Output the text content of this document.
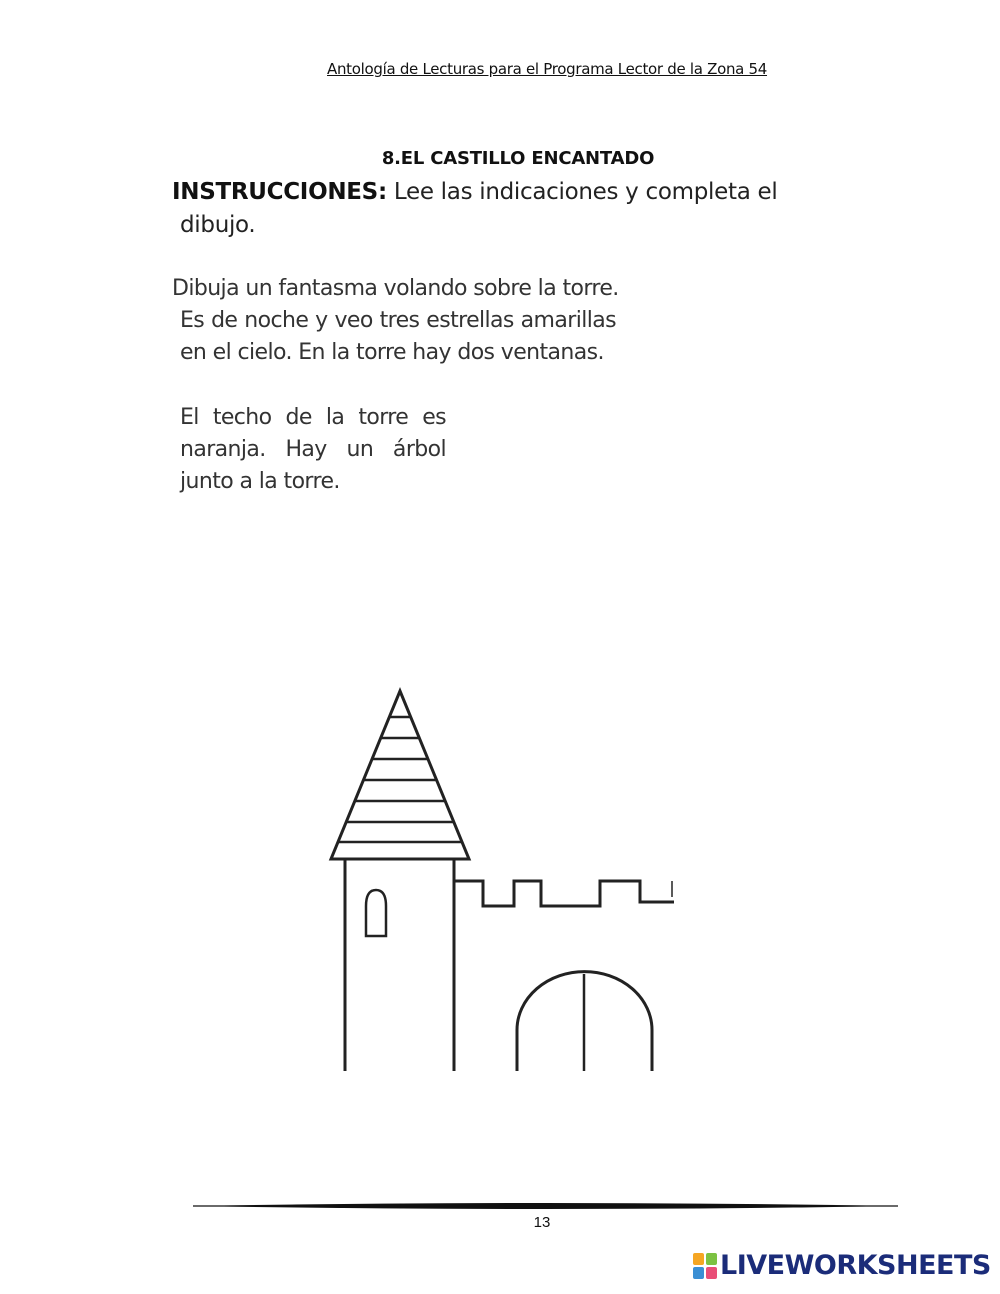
Antología de Lecturas para el Programa Lector de la Zona 54
8.EL CASTILLO ENCANTADO
INSTRUCCIONES: Lee las indicaciones y completa el
dibujo.
Dibuja un fantasma volando sobre la torre.
Es de noche y veo tres estrellas amarillas en el cielo. En la torre hay dos ventanas.
El techo de la torre es naranja. Hay un árbol junto a la torre.
13
LIVEWORKSHEETS
